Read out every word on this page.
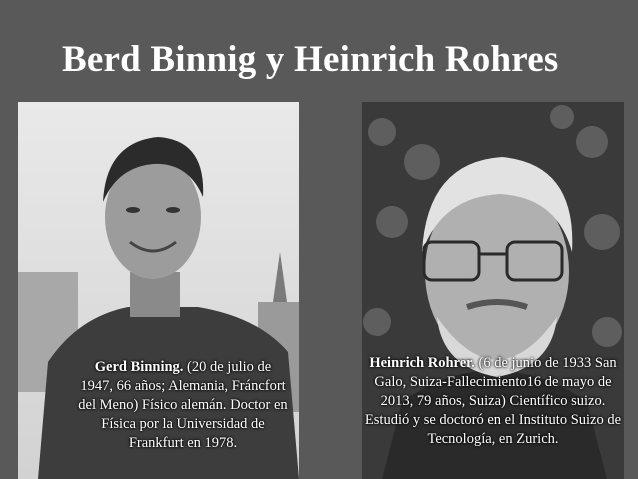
Berd Binnig y Heinrich Rohres
Gerd Binning. (20 de julio de 1947, 66 años; Alemania, Fráncfort del Meno) Físico alemán. Doctor en Física por la Universidad de Frankfurt en 1978.
Heinrich Rohrer. (6 de junio de 1933 San Galo, Suiza-Fallecimiento16 de mayo de 2013, 79 años, Suiza) Científico suizo. Estudió y se doctoró en el Instituto Suizo de Tecnología, en Zurich.
